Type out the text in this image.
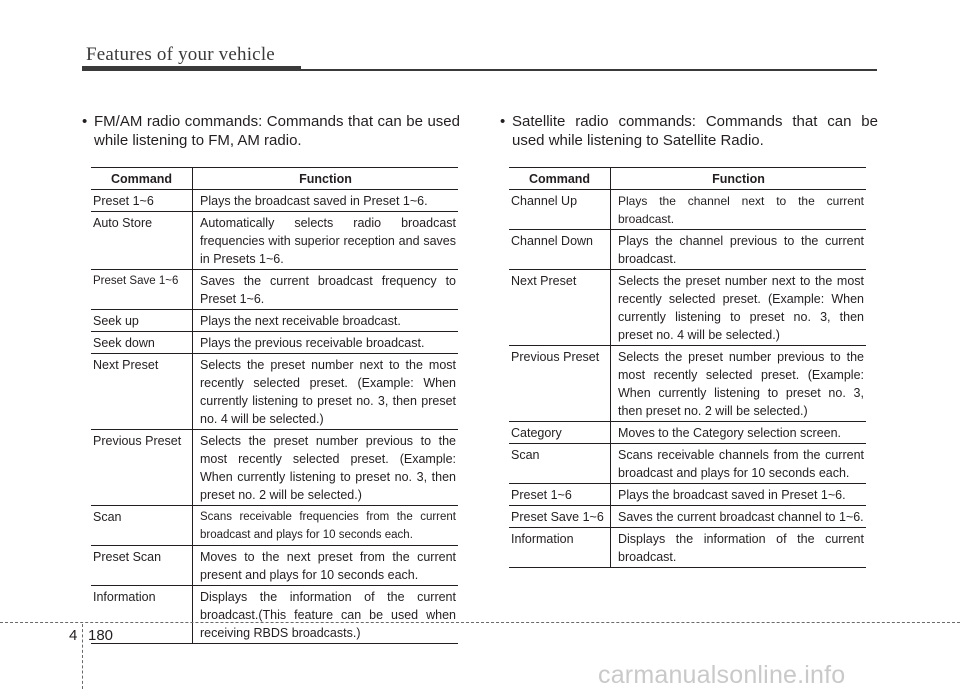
Features of your vehicle

• FM/AM radio commands: Commands that can be used while listening to FM, AM radio.

Command	Function
Preset 1~6	Plays the broadcast saved in Preset 1~6.
Auto Store	Automatically selects radio broadcast frequencies with superior reception and saves in Presets 1~6.
Preset Save 1~6	Saves the current broadcast frequency to Preset 1~6.
Seek up	Plays the next receivable broadcast.
Seek down	Plays the previous receivable broadcast.
Next Preset	Selects the preset number next to the most recently selected preset. (Example: When currently listening to preset no. 3, then preset no. 4 will be selected.)
Previous Preset	Selects the preset number previous to the most recently selected preset. (Example: When currently listening to preset no. 3, then preset no. 2 will be selected.)
Scan	Scans receivable frequencies from the current broadcast and plays for 10 seconds each.
Preset Scan	Moves to the next preset from the current present and plays for 10 seconds each.
Information	Displays the information of the current broadcast.(This feature can be used when receiving RBDS broadcasts.)

• Satellite radio commands: Commands that can be used while listening to Satellite Radio.

Command	Function
Channel Up	Plays the channel next to the current broadcast.
Channel Down	Plays the channel previous to the current broadcast.
Next Preset	Selects the preset number next to the most recently selected preset. (Example: When currently listening to preset no. 3, then preset no. 4 will be selected.)
Previous Preset	Selects the preset number previous to the most recently selected preset. (Example: When currently listening to preset no. 3, then preset no. 2 will be selected.)
Category	Moves to the Category selection screen.
Scan	Scans receivable channels from the current broadcast and plays for 10 seconds each.
Preset 1~6	Plays the broadcast saved in Preset 1~6.
Preset Save 1~6	Saves the current broadcast channel to 1~6.
Information	Displays the information of the current broadcast.
4 180
carmanualsonline.info
